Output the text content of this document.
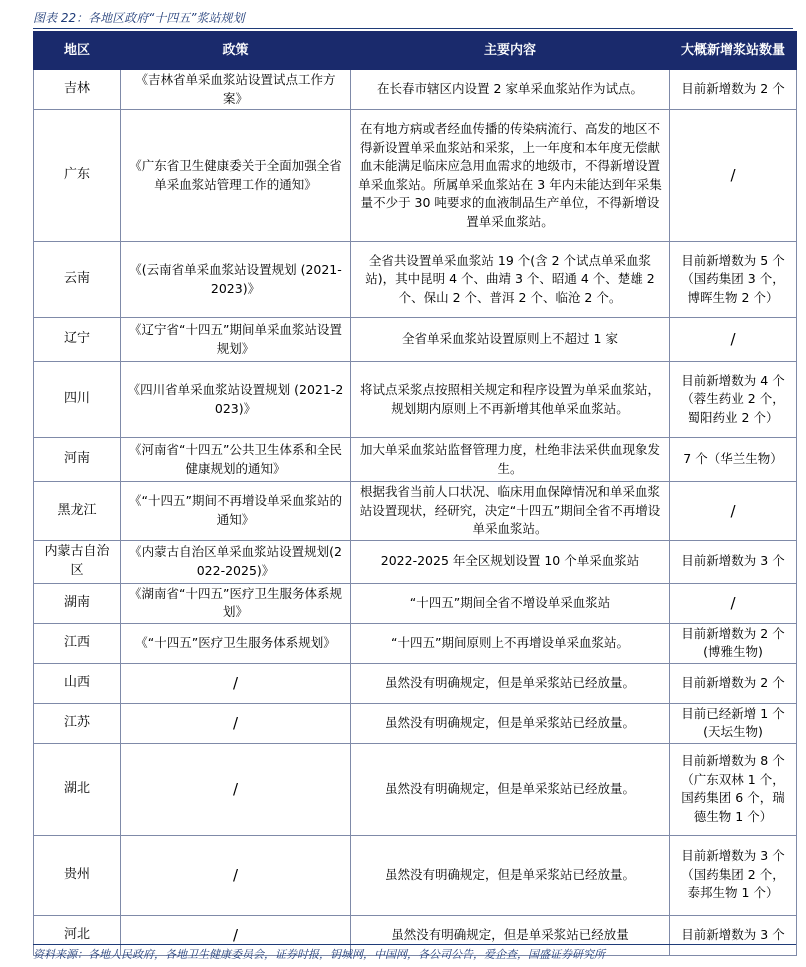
图表 22：各地区政府“十四五”浆站规划
地区	政策	主要内容	大概新增浆站数量
吉林	《吉林省单采血浆站设置试点工作方案》	在长春市辖区内设置 2 家单采血浆站作为试点。	目前新增数为 2 个
广东	《广东省卫生健康委关于全面加强全省单采血浆站管理工作的通知》	在有地方病或者经血传播的传染病流行、高发的地区不得新设置单采血浆站和采浆，上一年度和本年度无偿献血未能满足临床应急用血需求的地级市，不得新增设置单采血浆站。所属单采血浆站在 3 年内未能达到年采集量不少于 30 吨要求的血液制品生产单位，不得新增设置单采血浆站。	/
云南	《(云南省单采血浆站设置规划 (2021-2023)》	全省共设置单采血浆站 19 个(含 2 个试点单采血浆站)，其中昆明 4 个、曲靖 3 个、昭通 4 个、楚雄 2 个、保山 2 个、普洱 2 个、临沧 2 个。	目前新增数为 5 个（国药集团 3 个，博晖生物 2 个）
辽宁	《辽宁省“十四五”期间单采血浆站设置规划》	全省单采血浆站设置原则上不超过 1 家	/
四川	《四川省单采血浆站设置规划 (2021-2023)》	将试点采浆点按照相关规定和程序设置为单采血浆站，规划期内原则上不再新增其他单采血浆站。	目前新增数为 4 个（蓉生药业 2 个，蜀阳药业 2 个）
河南	《河南省“十四五”公共卫生体系和全民健康规划的通知》	加大单采血浆站监督管理力度，杜绝非法采供血现象发生。	7 个（华兰生物）
黑龙江	《“十四五”期间不再增设单采血浆站的通知》	根据我省当前人口状况、临床用血保障情况和单采血浆站设置现状，经研究，决定“十四五”期间全省不再增设单采血浆站。	/
内蒙古自治区	《内蒙古自治区单采血浆站设置规划(2022-2025)》	2022-2025 年全区规划设置 10 个单采血浆站	目前新增数为 3 个
湖南	《湖南省“十四五”医疗卫生服务体系规划》	“十四五”期间全省不增设单采血浆站	/
江西	《“十四五”医疗卫生服务体系规划》	“十四五”期间原则上不再增设单采血浆站。	目前新增数为 2 个(博雅生物)
山西	/	虽然没有明确规定，但是单采浆站已经放量。	目前新增数为 2 个
江苏	/	虽然没有明确规定，但是单采浆站已经放量。	目前已经新增 1 个(天坛生物)
湖北	/	虽然没有明确规定，但是单采浆站已经放量。	目前新增数为 8 个（广东双林 1 个，国药集团 6 个，瑞德生物 1 个）
贵州	/	虽然没有明确规定，但是单采浆站已经放量。	目前新增数为 3 个（国药集团 2 个，泰邦生物 1 个）
河北	/	虽然没有明确规定，但是单采浆站已经放量	目前新增数为 3 个
资料来源：各地人民政府，各地卫生健康委员会，证券时报，钥城网，中国网，各公司公告，爱企查，国盛证券研究所
